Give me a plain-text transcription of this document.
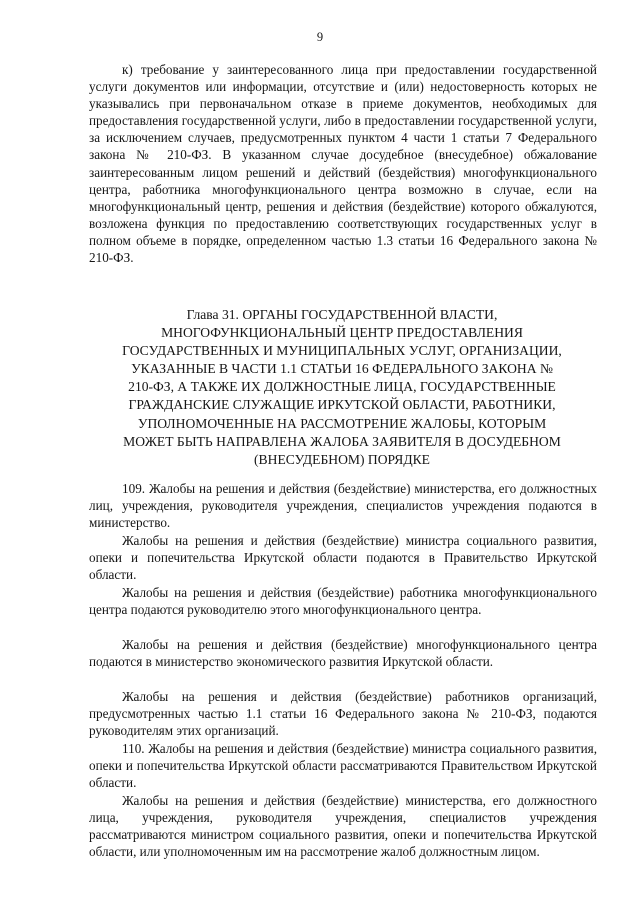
9

к) требование у заинтересованного лица при предоставлении государственной услуги документов или информации, отсутствие и (или) недостоверность которых не указывались при первоначальном отказе в приеме документов, необходимых для предоставления государственной услуги, либо в предоставлении государственной услуги, за исключением случаев, предусмотренных пунктом 4 части 1 статьи 7 Федерального закона № 210-ФЗ. В указанном случае досудебное (внесудебное) обжалование заинтересованным лицом решений и действий (бездействия) многофункционального центра, работника многофункционального центра возможно в случае, если на многофункциональный центр, решения и действия (бездействие) которого обжалуются, возложена функция по предоставлению соответствующих государственных услуг в полном объеме в порядке, определенном частью 1.3 статьи 16 Федерального закона № 210-ФЗ.

Глава 31. ОРГАНЫ ГОСУДАРСТВЕННОЙ ВЛАСТИ, МНОГОФУНКЦИОНАЛЬНЫЙ ЦЕНТР ПРЕДОСТАВЛЕНИЯ ГОСУДАРСТВЕННЫХ И МУНИЦИПАЛЬНЫХ УСЛУГ, ОРГАНИЗАЦИИ, УКАЗАННЫЕ В ЧАСТИ 1.1 СТАТЬИ 16 ФЕДЕРАЛЬНОГО ЗАКОНА № 210-ФЗ, А ТАКЖЕ ИХ ДОЛЖНОСТНЫЕ ЛИЦА, ГОСУДАРСТВЕННЫЕ ГРАЖДАНСКИЕ СЛУЖАЩИЕ ИРКУТСКОЙ ОБЛАСТИ, РАБОТНИКИ, УПОЛНОМОЧЕННЫЕ НА РАССМОТРЕНИЕ ЖАЛОБЫ, КОТОРЫМ МОЖЕТ БЫТЬ НАПРАВЛЕНА ЖАЛОБА ЗАЯВИТЕЛЯ В ДОСУДЕБНОМ (ВНЕСУДЕБНОМ) ПОРЯДКЕ

109. Жалобы на решения и действия (бездействие) министерства, его должностных лиц, учреждения, руководителя учреждения, специалистов учреждения подаются в министерство.

Жалобы на решения и действия (бездействие) министра социального развития, опеки и попечительства Иркутской области подаются в Правительство Иркутской области.

Жалобы на решения и действия (бездействие) работника многофункционального центра подаются руководителю этого многофункционального центра.

Жалобы на решения и действия (бездействие) многофункционального центра подаются в министерство экономического развития Иркутской области.

Жалобы на решения и действия (бездействие) работников организаций, предусмотренных частью 1.1 статьи 16 Федерального закона № 210-ФЗ, подаются руководителям этих организаций.

110. Жалобы на решения и действия (бездействие) министра социального развития, опеки и попечительства Иркутской области рассматриваются Правительством Иркутской области.

Жалобы на решения и действия (бездействие) министерства, его должностного лица, учреждения, руководителя учреждения, специалистов учреждения рассматриваются министром социального развития, опеки и попечительства Иркутской области, или уполномоченным им на рассмотрение жалоб должностным лицом.
